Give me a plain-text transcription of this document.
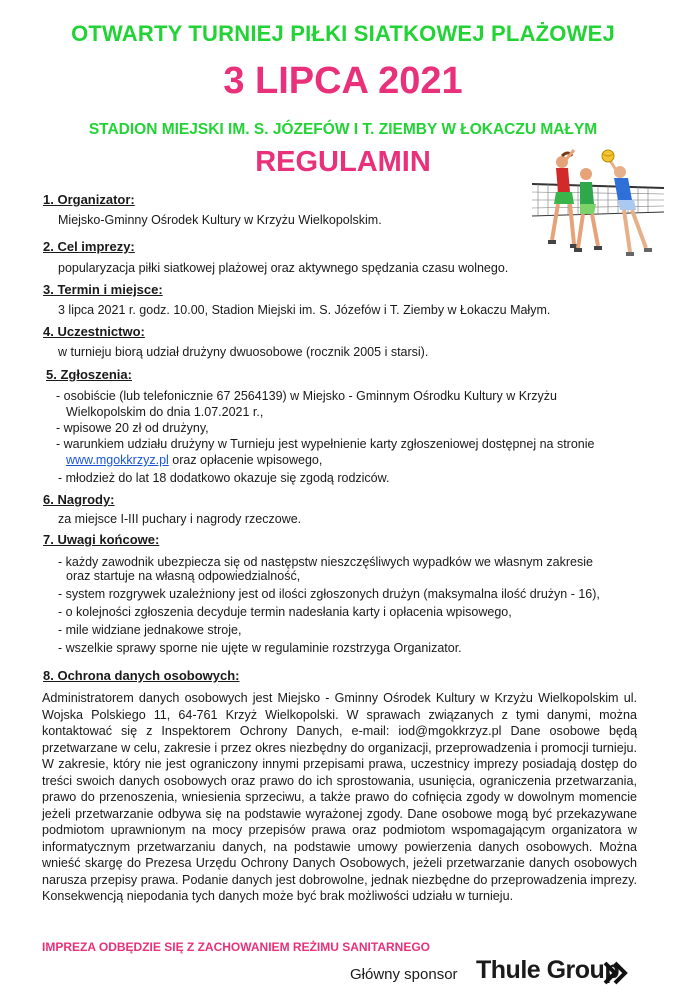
OTWARTY TURNIEJ PIŁKI SIATKOWEJ PLAŻOWEJ
3 LIPCA 2021
STADION MIEJSKI IM. S. JÓZEFÓW I T. ZIEMBY W ŁOKACZU MAŁYM
REGULAMIN
1. Organizator:
Miejsko-Gminny Ośrodek Kultury w Krzyżu Wielkopolskim.
2. Cel imprezy:
popularyzacja piłki siatkowej plażowej oraz aktywnego spędzania czasu wolnego.
3. Termin i miejsce:
3 lipca 2021 r. godz. 10.00, Stadion Miejski im. S. Józefów i T. Ziemby w Łokaczu Małym.
4. Uczestnictwo:
w turnieju biorą udział drużyny dwuosobowe (rocznik 2005 i starsi).
5. Zgłoszenia:
- osobiście (lub telefonicznie 67 2564139) w Miejsko - Gminnym Ośrodku Kultury w Krzyżu
Wielkopolskim do dnia 1.07.2021 r.,
- wpisowe 20 zł od drużyny,
- warunkiem udziału drużyny w Turnieju jest wypełnienie karty zgłoszeniowej dostępnej na stronie
www.mgokkrzyz.pl oraz opłacenie wpisowego,
- młodzież do lat 18 dodatkowo okazuje się zgodą rodziców.
6. Nagrody:
za miejsce I-III puchary i nagrody rzeczowe.
7. Uwagi końcowe:
- każdy zawodnik ubezpiecza się od następstw nieszczęśliwych wypadków we własnym zakresie
oraz startuje na własną odpowiedzialność,
- system rozgrywek uzależniony jest od ilości zgłoszonych drużyn (maksymalna ilość drużyn - 16),
- o kolejności zgłoszenia decyduje termin nadesłania karty i opłacenia wpisowego,
- mile widziane jednakowe stroje,
- wszelkie sprawy sporne nie ujęte w regulaminie rozstrzyga Organizator.
8. Ochrona danych osobowych:
Administratorem danych osobowych jest Miejsko - Gminny Ośrodek Kultury w Krzyżu Wielkopolskim ul. Wojska Polskiego 11, 64-761 Krzyż Wielkopolski. W sprawach związanych z tymi danymi, można kontaktować się z Inspektorem Ochrony Danych, e-mail: iod@mgokkrzyz.pl Dane osobowe będą przetwarzane w celu, zakresie i przez okres niezbędny do organizacji, przeprowadzenia i promocji turnieju. W zakresie, który nie jest ograniczony innymi przepisami prawa, uczestnicy imprezy posiadają dostęp do treści swoich danych osobowych oraz prawo do ich sprostowania, usunięcia, ograniczenia przetwarzania, prawo do przenoszenia, wniesienia sprzeciwu, a także prawo do cofnięcia zgody w dowolnym momencie jeżeli przetwarzanie odbywa się na podstawie wyrażonej zgody. Dane osobowe mogą być przekazywane podmiotom uprawnionym na mocy przepisów prawa oraz podmiotom wspomagającym organizatora w informatycznym przetwarzaniu danych, na podstawie umowy powierzenia danych osobowych. Można wnieść skargę do Prezesa Urzędu Ochrony Danych Osobowych, jeżeli przetwarzanie danych osobowych narusza przepisy prawa. Podanie danych jest dobrowolne, jednak niezbędne do przeprowadzenia imprezy. Konsekwencją niepodania tych danych może być brak możliwości udziału w turnieju.
IMPREZA ODBĘDZIE SIĘ Z ZACHOWANIEM REŻIMU SANITARNEGO
Główny sponsor Thule Group
